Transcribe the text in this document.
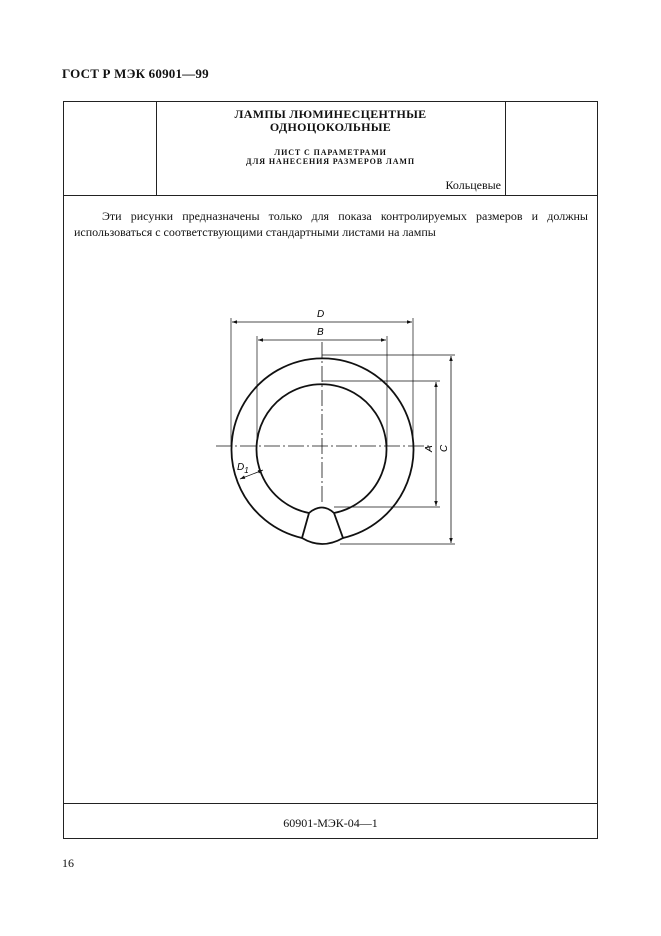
ГОСТ Р МЭК 60901—99
ЛАМПЫ ЛЮМИНЕСЦЕНТНЫЕ
ОДНОЦОКОЛЬНЫЕ
ЛИСТ С ПАРАМЕТРАМИ
ДЛЯ НАНЕСЕНИЯ РАЗМЕРОВ ЛАМП
Кольцевые
Эти рисунки предназначены только для показа контролируемых размеров и должны использоваться с соответствующими стандартными листами на лампы
60901-МЭК-04—1
D
B
A C
$D_1$
16
